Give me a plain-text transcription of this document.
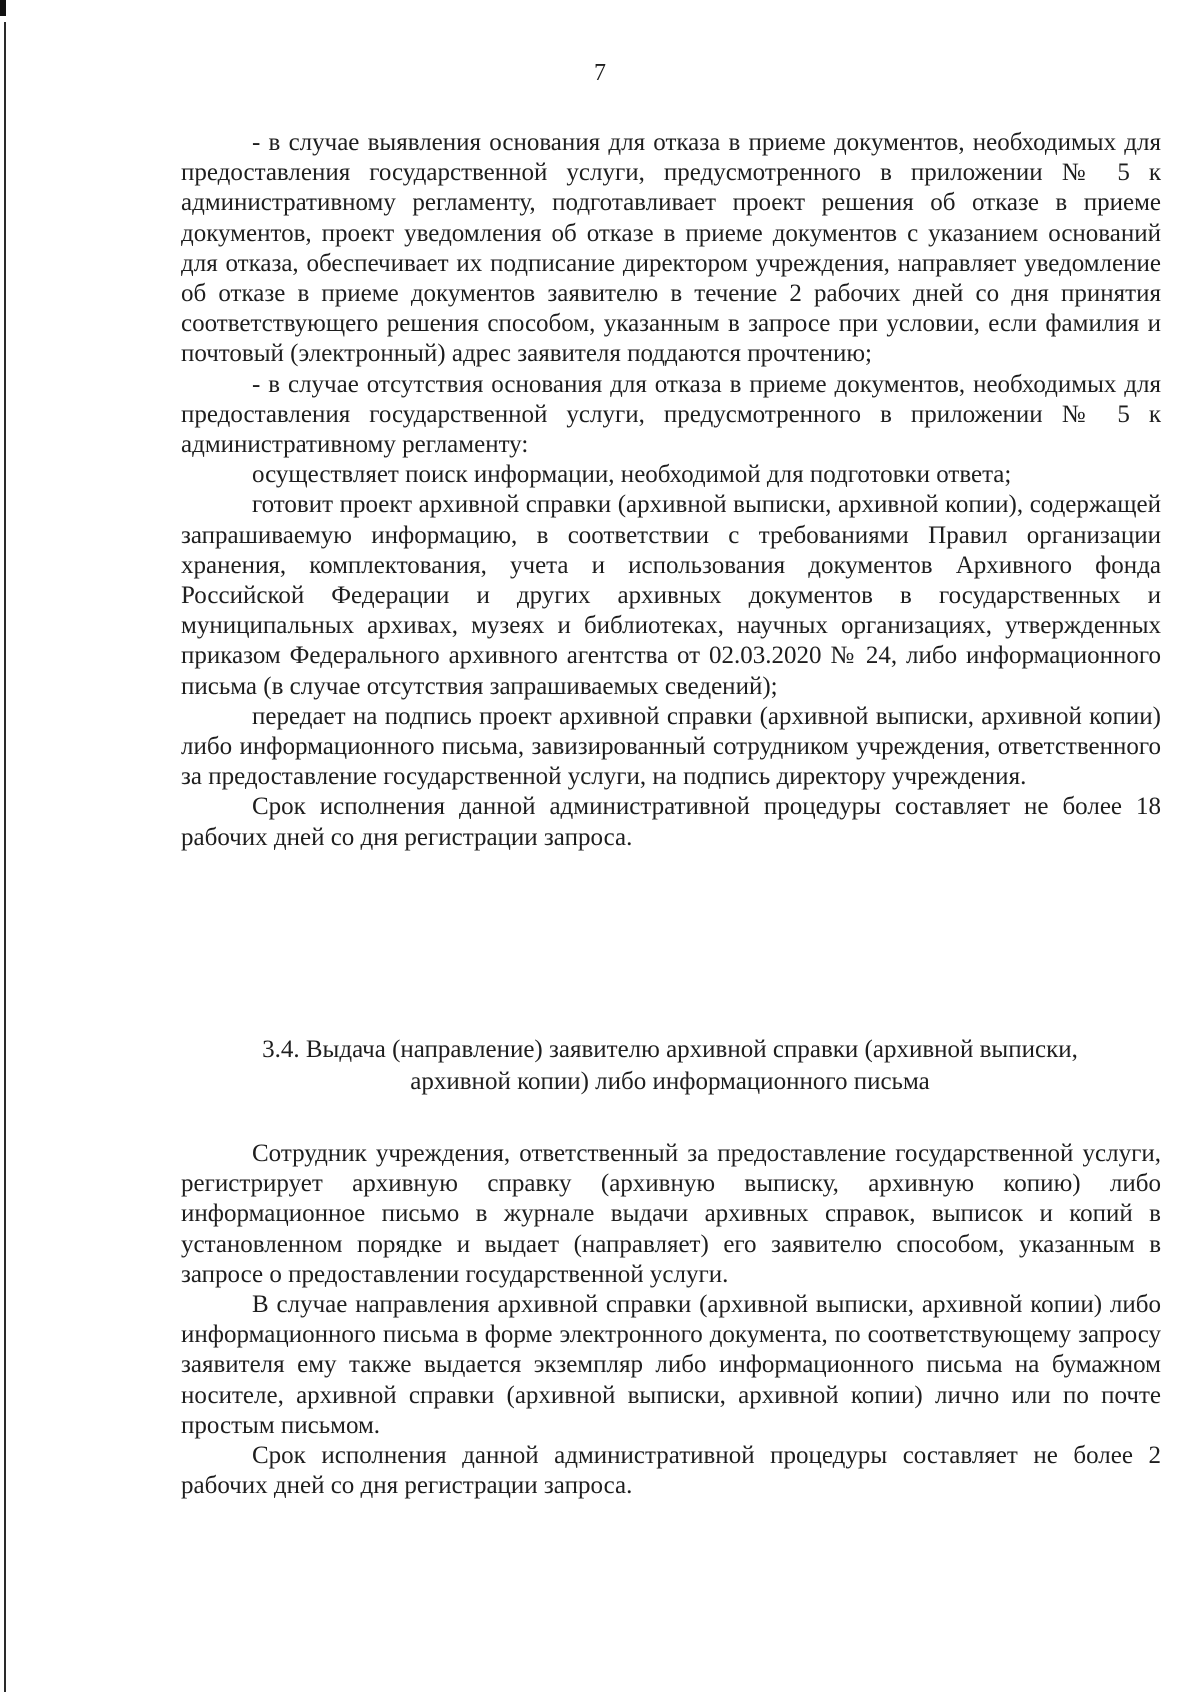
7

- в случае выявления основания для отказа в приеме документов, необходимых для предоставления государственной услуги, предусмотренного в приложении № 5 к административному регламенту, подготавливает проект решения об отказе в приеме документов, проект уведомления об отказе в приеме документов с указанием оснований для отказа, обеспечивает их подписание директором учреждения, направляет уведомление об отказе в приеме документов заявителю в течение 2 рабочих дней со дня принятия соответствующего решения способом, указанным в запросе при условии, если фамилия и почтовый (электронный) адрес заявителя поддаются прочтению;

- в случае отсутствия основания для отказа в приеме документов, необходимых для предоставления государственной услуги, предусмотренного в приложении № 5 к административному регламенту:

осуществляет поиск информации, необходимой для подготовки ответа;

готовит проект архивной справки (архивной выписки, архивной копии), содержащей запрашиваемую информацию, в соответствии с требованиями Правил организации хранения, комплектования, учета и использования документов Архивного фонда Российской Федерации и других архивных документов в государственных и муниципальных архивах, музеях и библиотеках, научных организациях, утвержденных приказом Федерального архивного агентства от 02.03.2020 № 24, либо информационного письма (в случае отсутствия запрашиваемых сведений);

передает на подпись проект архивной справки (архивной выписки, архивной копии) либо информационного письма, завизированный сотрудником учреждения, ответственного за предоставление государственной услуги, на подпись директору учреждения.

Срок исполнения данной административной процедуры составляет не более 18 рабочих дней со дня регистрации запроса.

3.4. Выдача (направление) заявителю архивной справки (архивной выписки,
архивной копии) либо информационного письма

Сотрудник учреждения, ответственный за предоставление государственной услуги, регистрирует архивную справку (архивную выписку, архивную копию) либо информационное письмо в журнале выдачи архивных справок, выписок и копий в установленном порядке и выдает (направляет) его заявителю способом, указанным в запросе о предоставлении государственной услуги.

В случае направления архивной справки (архивной выписки, архивной копии) либо информационного письма в форме электронного документа, по соответствующему запросу заявителя ему также выдается экземпляр либо информационного письма на бумажном носителе, архивной справки (архивной выписки, архивной копии) лично или по почте простым письмом.

Срок исполнения данной административной процедуры составляет не более 2 рабочих дней со дня регистрации запроса.
